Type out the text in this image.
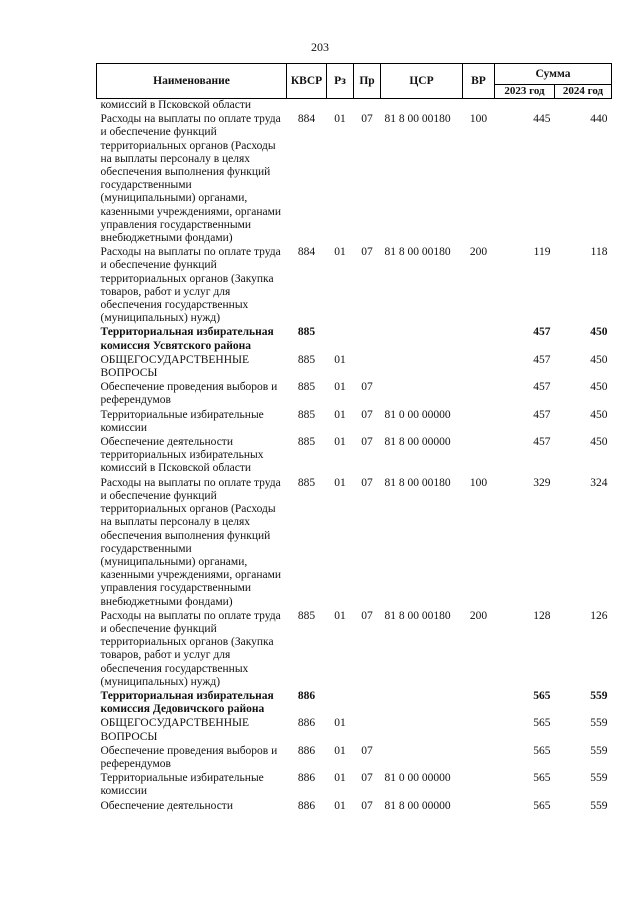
203
Наименование	КВСР	Рз	Пр	ЦСР	ВР	Сумма	
						2023 год	2024 год
комиссий в Псковской области							
Расходы на выплаты по оплате труда и обеспечение функций территориальных органов (Расходы на выплаты персоналу в целях обеспечения выполнения функций государственными (муниципальными) органами, казенными учреждениями, органами управления государственными внебюджетными фондами)	884	01	07	81 8 00 00180	100	445	440
Расходы на выплаты по оплате труда и обеспечение функций территориальных органов (Закупка товаров, работ и услуг для обеспечения государственных (муниципальных) нужд)	884	01	07	81 8 00 00180	200	119	118
Территориальная избирательная комиссия Усвятского района	885					457	450
ОБЩЕГОСУДАРСТВЕННЫЕ ВОПРОСЫ	885	01				457	450
Обеспечение проведения выборов и референдумов	885	01	07			457	450
Территориальные избирательные комиссии	885	01	07	81 0 00 00000		457	450
Обеспечение деятельности территориальных избирательных комиссий в Псковской области	885	01	07	81 8 00 00000		457	450
Расходы на выплаты по оплате труда и обеспечение функций территориальных органов (Расходы на выплаты персоналу в целях обеспечения выполнения функций государственными (муниципальными) органами, казенными учреждениями, органами управления государственными внебюджетными фондами)	885	01	07	81 8 00 00180	100	329	324
Расходы на выплаты по оплате труда и обеспечение функций территориальных органов (Закупка товаров, работ и услуг для обеспечения государственных (муниципальных) нужд)	885	01	07	81 8 00 00180	200	128	126
Территориальная избирательная комиссия Дедовичского района	886					565	559
ОБЩЕГОСУДАРСТВЕННЫЕ ВОПРОСЫ	886	01				565	559
Обеспечение проведения выборов и референдумов	886	01	07			565	559
Территориальные избирательные комиссии	886	01	07	81 0 00 00000		565	559
Обеспечение деятельности	886	01	07	81 8 00 00000		565	559
